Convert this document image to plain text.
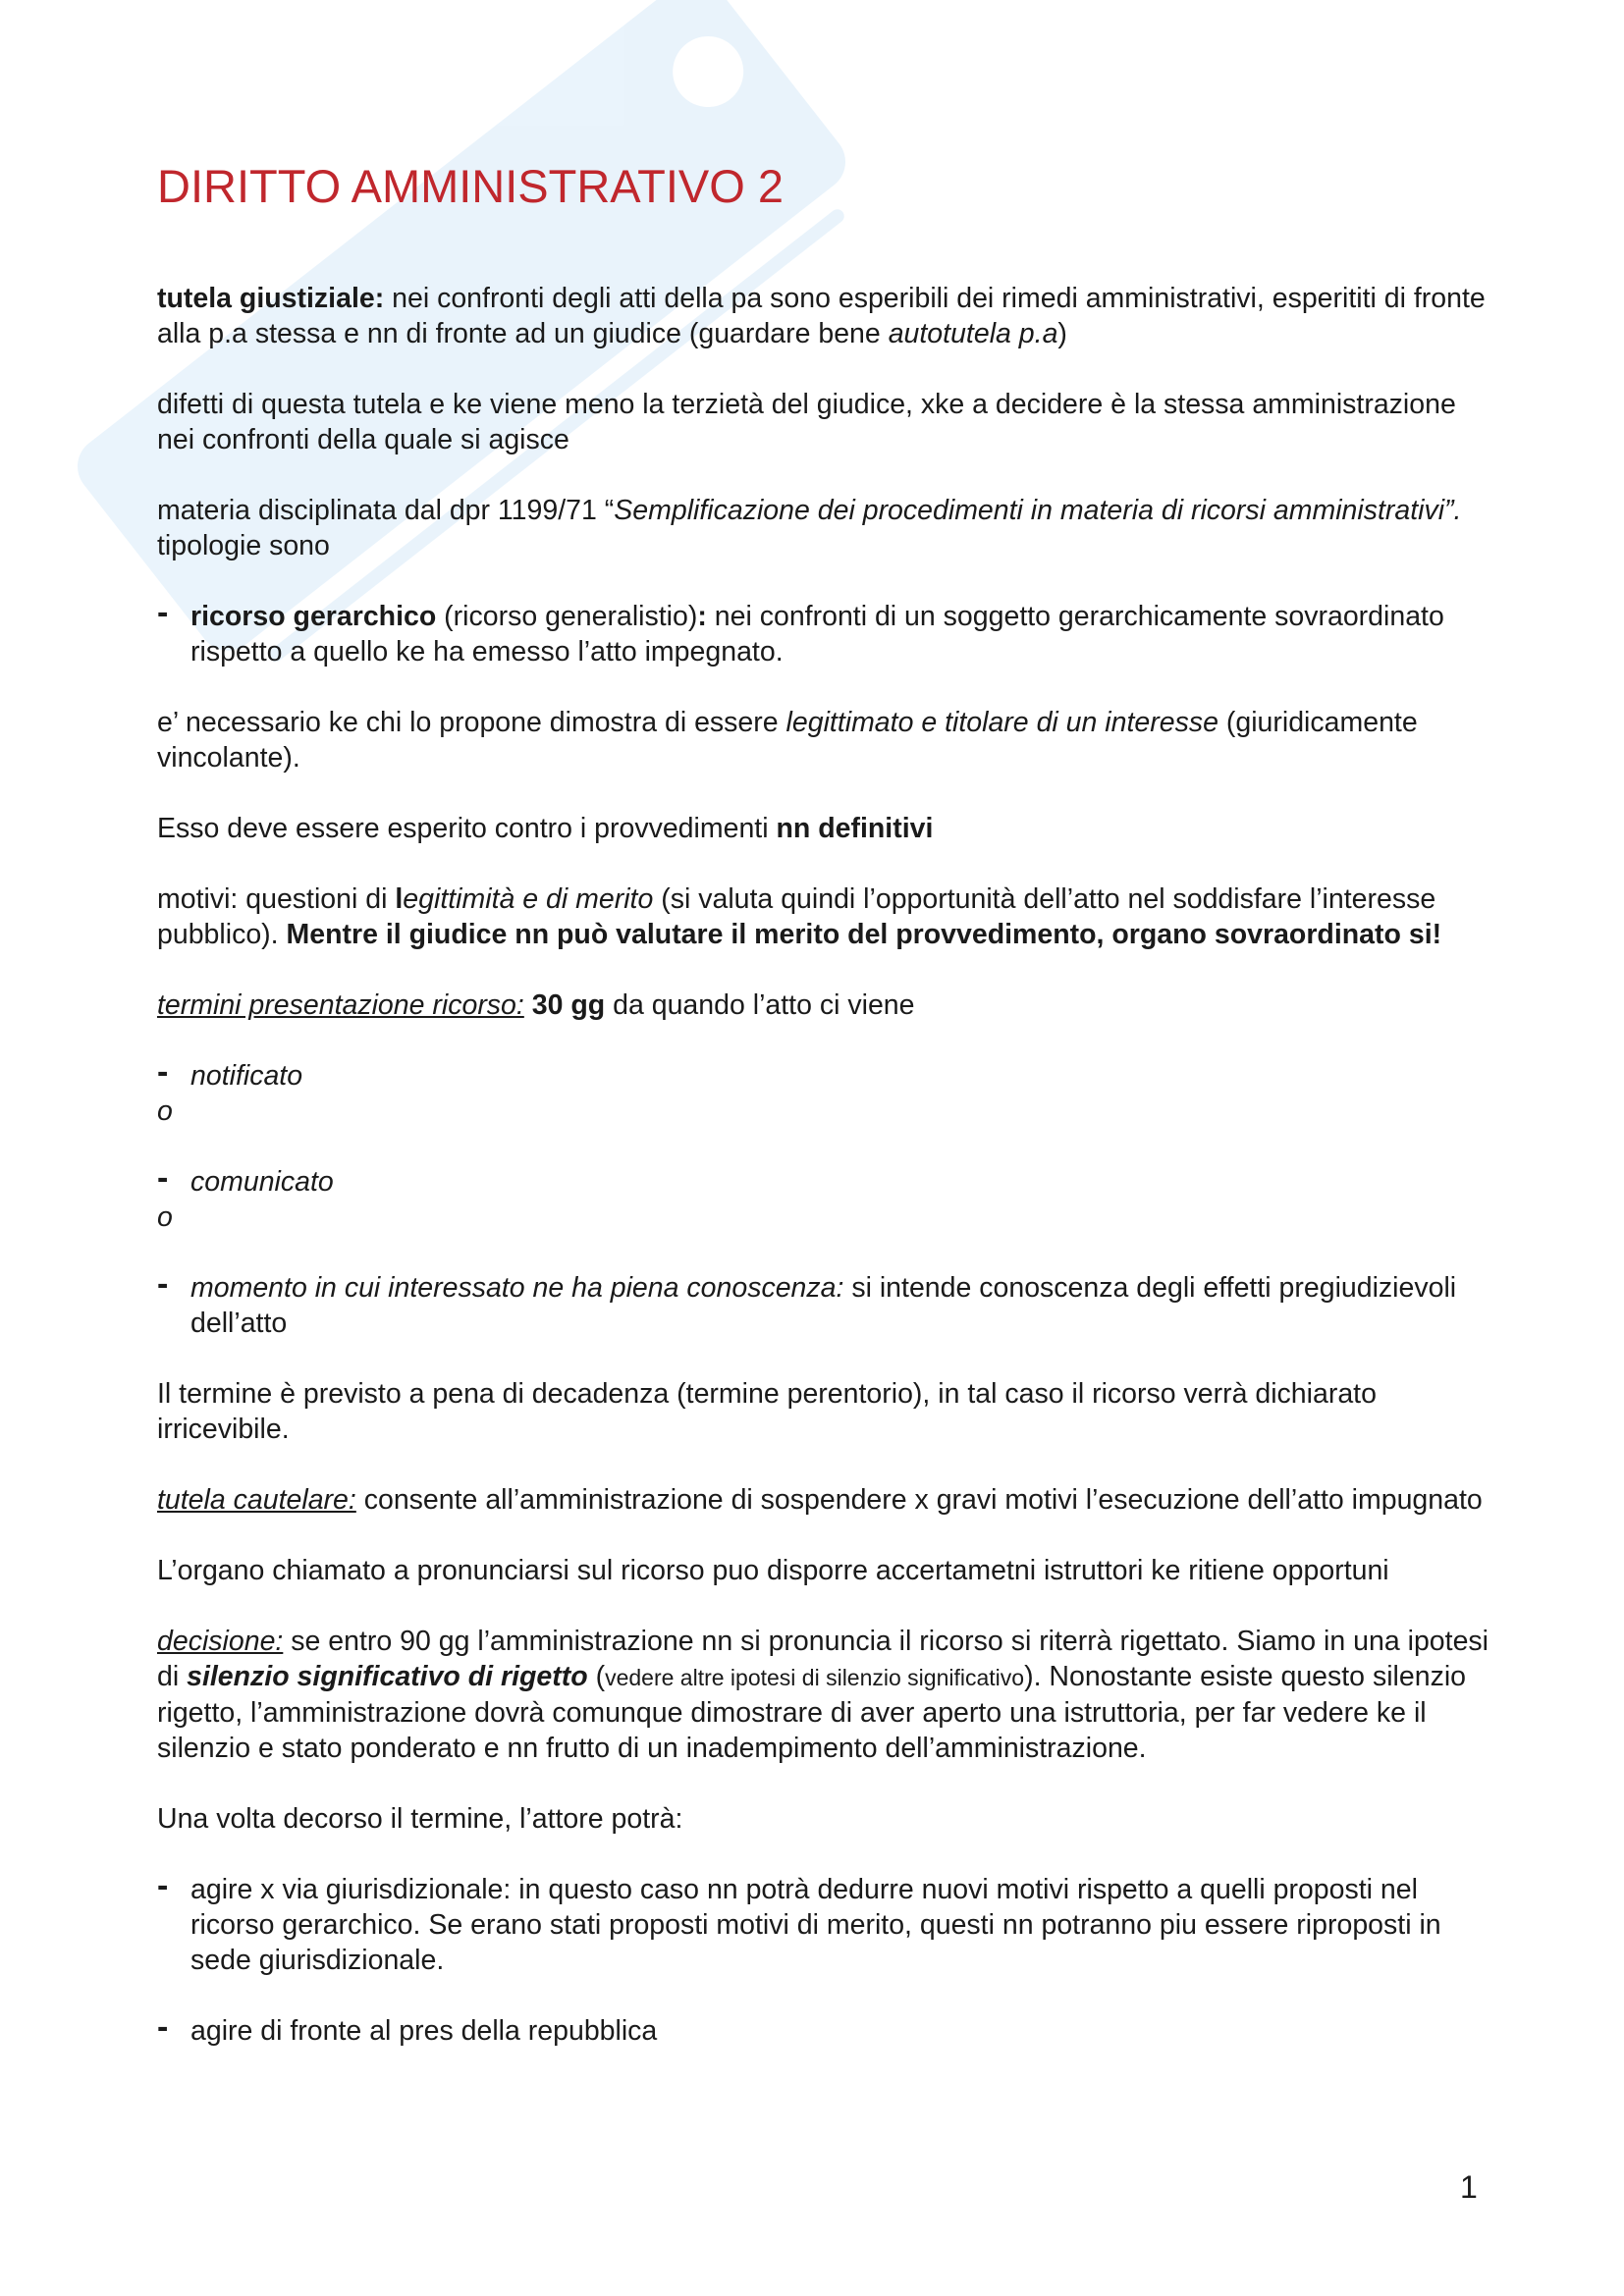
DIRITTO AMMINISTRATIVO 2

tutela giustiziale: nei confronti degli atti della pa sono esperibili dei rimedi amministrativi, esperititi di fronte alla p.a stessa e nn di fronte ad un giudice (guardare bene autotutela p.a)

difetti di questa tutela e ke viene meno la terzietà del giudice, xke a decidere è la stessa amministrazione nei confronti della quale si agisce

materia disciplinata dal dpr 1199/71 “Semplificazione dei procedimenti in materia di ricorsi amministrativi”. tipologie sono

- ricorso gerarchico (ricorso generalistio): nei confronti di un soggetto gerarchicamente sovraordinato rispetto a quello ke ha emesso l’atto impegnato.

e’ necessario ke chi lo propone dimostra di essere legittimato e titolare di un interesse (giuridicamente vincolante).

Esso deve essere esperito contro i provvedimenti nn definitivi

motivi: questioni di legittimità e di merito (si valuta quindi l’opportunità dell’atto nel soddisfare l’interesse pubblico). Mentre il giudice nn può valutare il merito del provvedimento, organo sovraordinato si!

termini presentazione ricorso: 30 gg da quando l’atto ci viene

- notificato

o

- comunicato

o

- momento in cui interessato ne ha piena conoscenza: si intende conoscenza degli effetti pregiudizievoli dell’atto

Il termine è previsto a pena di decadenza (termine perentorio), in tal caso il ricorso verrà dichiarato irricevibile.

tutela cautelare: consente all’amministrazione di sospendere x gravi motivi l’esecuzione dell’atto impugnato

L’organo chiamato a pronunciarsi sul ricorso puo disporre accertametni istruttori ke ritiene opportuni

decisione: se entro 90 gg l’amministrazione nn si pronuncia il ricorso si riterrà rigettato. Siamo in una ipotesi di silenzio significativo di rigetto (vedere altre ipotesi di silenzio significativo). Nonostante esiste questo silenzio rigetto, l’amministrazione dovrà comunque dimostrare di aver aperto una istruttoria, per far vedere ke il silenzio e stato ponderato e nn frutto di un inadempimento dell’amministrazione.

Una volta decorso il termine, l’attore potrà:

- agire x via giurisdizionale: in questo caso nn potrà dedurre nuovi motivi rispetto a quelli proposti nel ricorso gerarchico. Se erano stati proposti motivi di merito, questi nn potranno piu essere riproposti in sede giurisdizionale.
- agire di fronte al pres della repubblica
1
